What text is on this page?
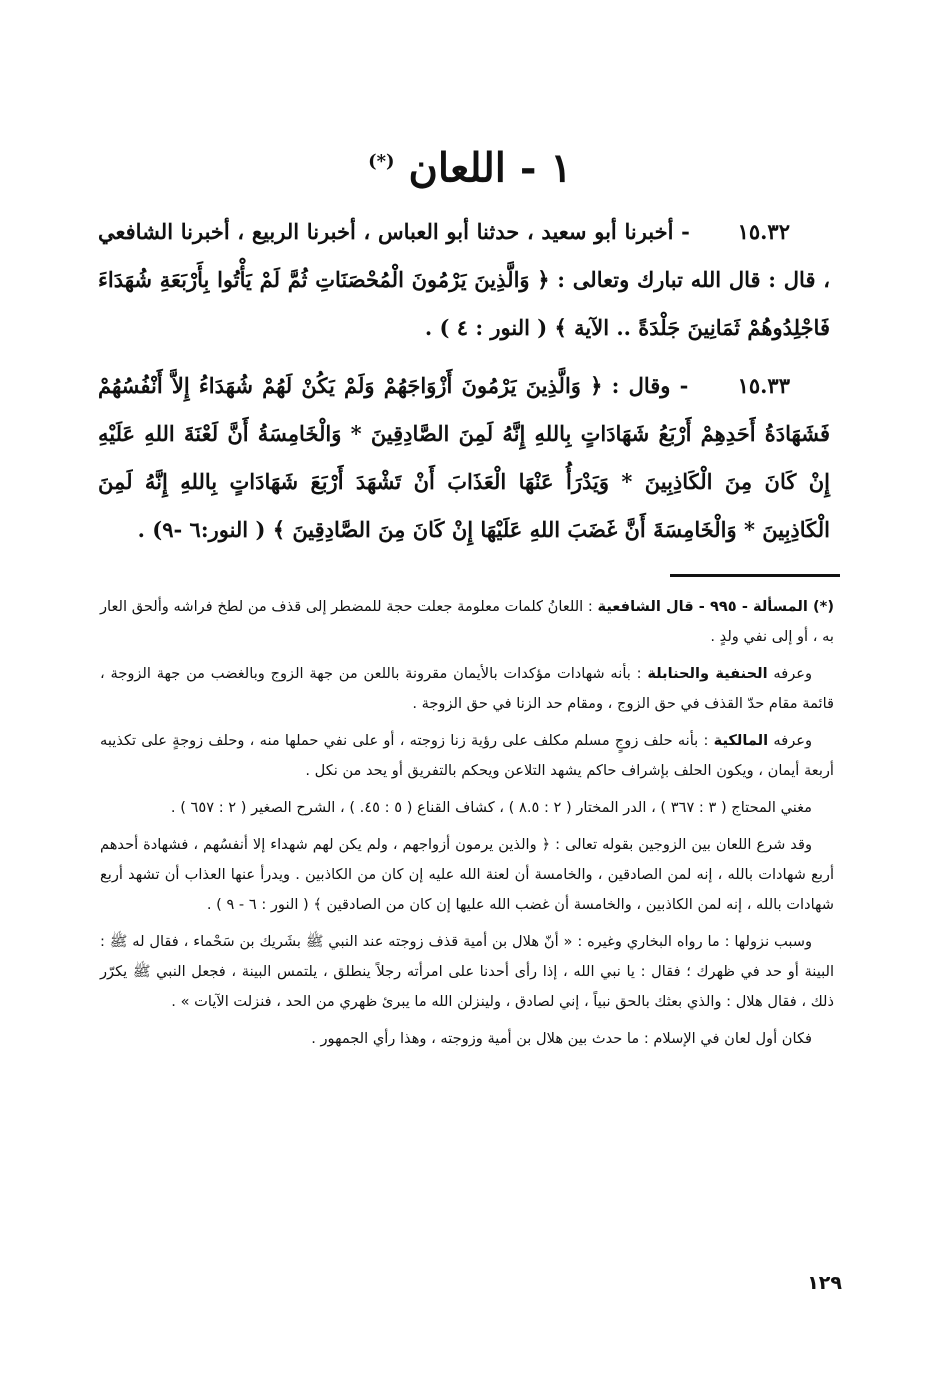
١ - اللعان (*)

١٥.٣٢ - أخبرنا أبو سعيد ، حدثنا أبو العباس ، أخبرنا الربيع ، أخبرنا الشافعي ، قال : قال الله تبارك وتعالى : ﴿ وَالَّذِينَ يَرْمُونَ الْمُحْصَنَاتِ ثُمَّ لَمْ يَأْتُوا بِأَرْبَعَةِ شُهَدَاءَ فَاجْلِدُوهُمْ ثَمَانِينَ جَلْدَةً .. الآية ﴾ ( النور : ٤ ) .

١٥.٣٣ - وقال : ﴿ وَالَّذِينَ يَرْمُونَ أَزْوَاجَهُمْ وَلَمْ يَكُنْ لَهُمْ شُهَدَاءُ إِلاَّ أَنْفُسُهُمْ فَشَهَادَةُ أَحَدِهِمْ أَرْبَعُ شَهَادَاتٍ بِاللهِ إِنَّهُ لَمِنَ الصَّادِقِينَ * وَالْخَامِسَةُ أَنَّ لَعْنَةَ اللهِ عَلَيْهِ إِنْ كَانَ مِنَ الْكَاذِبِينَ * وَيَدْرَأُ عَنْهَا الْعَذَابَ أَنْ تَشْهَدَ أَرْبَعَ شَهَادَاتٍ بِاللهِ إِنَّهُ لَمِنَ الْكَاذِبِينَ * وَالْخَامِسَةَ أَنَّ غَضَبَ اللهِ عَلَيْهَا إِنْ كَانَ مِنَ الصَّادِقِينَ ﴾ ( النور:٦ -٩) .

(*) المسألة - ٩٩٥ - قال الشافعية : اللعانُ كلمات معلومة جعلت حجة للمضطر إلى قذف من لطخ فراشه وألحق العار به ، أو إلى نفي ولدٍ .

وعرفه الحنفية والحنابلة : بأنه شهادات مؤكدات بالأيمان مقرونة باللعن من جهة الزوج وبالغضب من جهة الزوجة ، قائمة مقام حدّ القذف في حق الزوج ، ومقام حد الزنا في حق الزوجة .

وعرفه المالكية : بأنه حلف زوجٍ مسلم مكلف على رؤية زنا زوجته ، أو على نفي حملها منه ، وحلف زوجةٍ على تكذيبه أربعة أيمان ، ويكون الحلف بإشراف حاكم يشهد التلاعن ويحكم بالتفريق أو يحد من نكل .

مغني المحتاج ( ٣ : ٣٦٧ ) ، الدر المختار ( ٢ : ٨.٥ ) ، كشاف القناع ( ٥ : ٤٥. ) ، الشرح الصغير ( ٢ : ٦٥٧ ) .

وقد شرع اللعان بين الزوجين بقوله تعالى : ﴿ والذين يرمون أزواجهم ، ولم يكن لهم شهداء إلا أنفسُهم ، فشهادة أحدهم أربع شهادات بالله ، إنه لمن الصادقين ، والخامسة أن لعنة الله عليه إن كان من الكاذبين . ويدرأ عنها العذاب أن تشهد أربع شهادات بالله ، إنه لمن الكاذبين ، والخامسة أن غضب الله عليها إن كان من الصادقين ﴾ ( النور : ٦ - ٩ ) .

وسبب نزولها : ما رواه البخاري وغيره : « أنّ هلال بن أمية قذف زوجته عند النبي ﷺ بشَريك بن سَحْماء ، فقال له ﷺ : البينة أو حد في ظهرك ؛ فقال : يا نبي الله ، إذا رأى أحدنا على امرأته رجلاً ينطلق ، يلتمس البينة ، فجعل النبي ﷺ يكرّر ذلك ، فقال هلال : والذي بعثك بالحق نبياً ، إني لصادق ، ولينزلن الله ما يبرئ ظهري من الحد ، فنزلت الآيات » .

فكان أول لعان في الإسلام : ما حدث بين هلال بن أمية وزوجته ، وهذا رأي الجمهور .

١٢٩
